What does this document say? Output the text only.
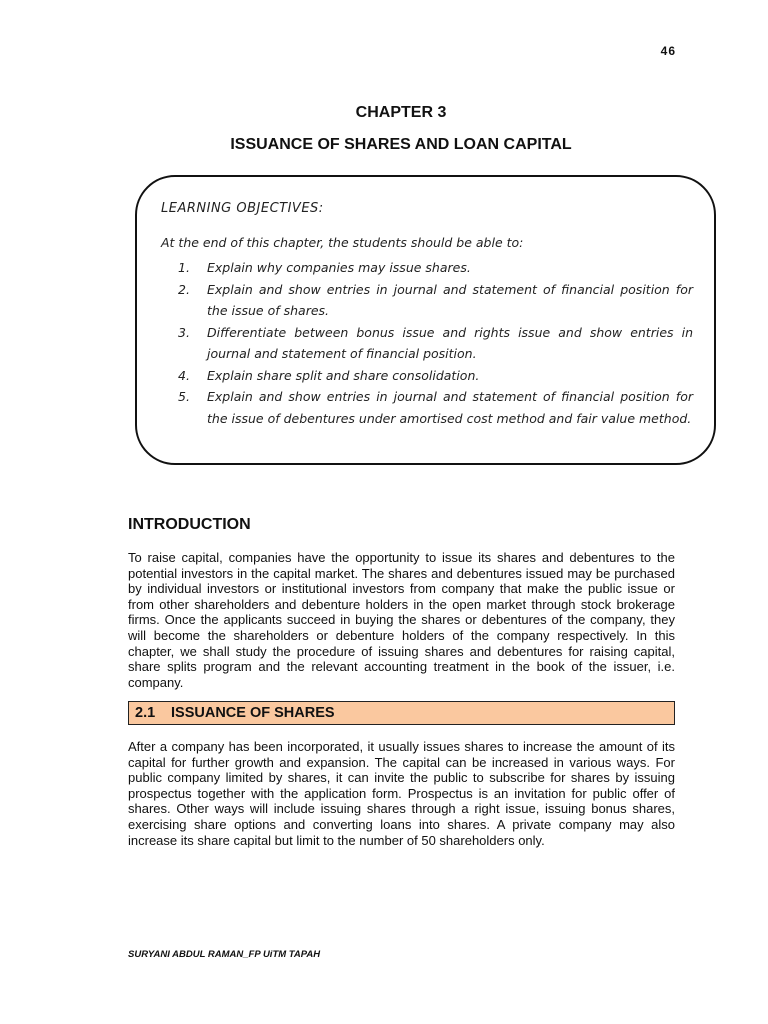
46
CHAPTER 3
ISSUANCE OF SHARES AND LOAN CAPITAL
LEARNING OBJECTIVES:
At the end of this chapter, the students should be able to:
1.	Explain why companies may issue shares.
2.	Explain and show entries in journal and statement of financial position for the issue of shares.
3.	Differentiate between bonus issue and rights issue and show entries in journal and statement of financial position.
4.	Explain share split and share consolidation.
5.	Explain and show entries in journal and statement of financial position for the issue of debentures under amortised cost method and fair value method.
INTRODUCTION

To raise capital, companies have the opportunity to issue its shares and debentures to the potential investors in the capital market. The shares and debentures issued may be purchased by individual investors or institutional investors from company that make the public issue or from other shareholders and debenture holders in the open market through stock brokerage firms. Once the applicants succeed in buying the shares or debentures of the company, they will become the shareholders or debenture holders of the company respectively. In this chapter, we shall study the procedure of issuing shares and debentures for raising capital, share splits program and the relevant accounting treatment in the book of the issuer, i.e. company.

2.1 ISSUANCE OF SHARES

After a company has been incorporated, it usually issues shares to increase the amount of its capital for further growth and expansion. The capital can be increased in various ways. For public company limited by shares, it can invite the public to subscribe for shares by issuing prospectus together with the application form. Prospectus is an invitation for public offer of shares. Other ways will include issuing shares through a right issue, issuing bonus shares, exercising share options and converting loans into shares. A private company may also increase its share capital but limit to the number of 50 shareholders only.

SURYANI ABDUL RAMAN_FP UiTM TAPAH
